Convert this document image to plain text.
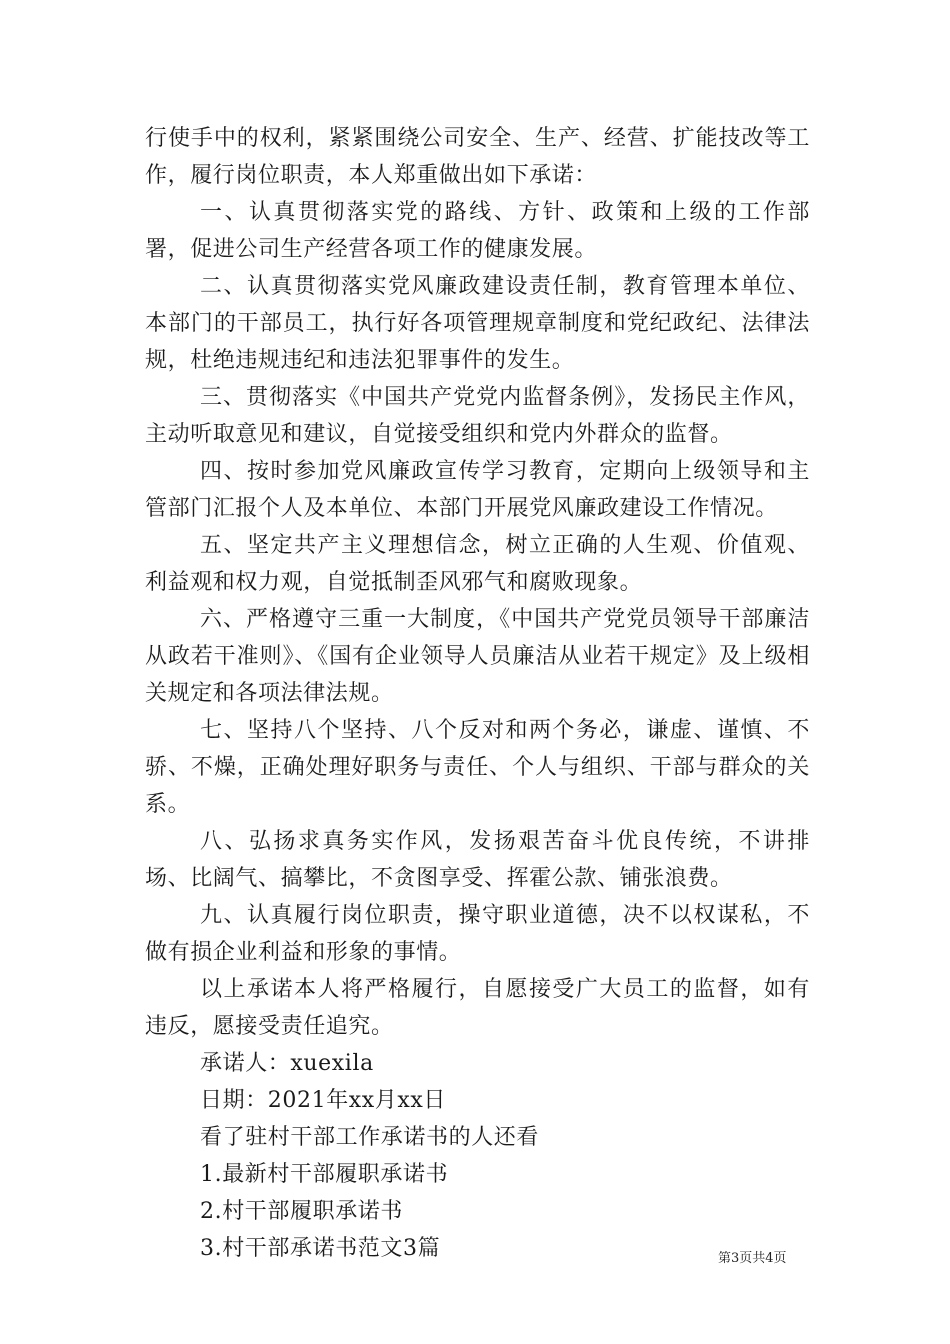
行使手中的权利，紧紧围绕公司安全、生产、经营、扩能技改等工作，履行岗位职责，本人郑重做出如下承诺：

一、认真贯彻落实党的路线、方针、政策和上级的工作部署，促进公司生产经营各项工作的健康发展。

二、认真贯彻落实党风廉政建设责任制，教育管理本单位、本部门的干部员工，执行好各项管理规章制度和党纪政纪、法律法规，杜绝违规违纪和违法犯罪事件的发生。

三、贯彻落实《中国共产党党内监督条例》，发扬民主作风，主动听取意见和建议，自觉接受组织和党内外群众的监督。

四、按时参加党风廉政宣传学习教育，定期向上级领导和主管部门汇报个人及本单位、本部门开展党风廉政建设工作情况。

五、坚定共产主义理想信念，树立正确的人生观、价值观、利益观和权力观，自觉抵制歪风邪气和腐败现象。

六、严格遵守三重一大制度，《中国共产党党员领导干部廉洁从政若干准则》、《国有企业领导人员廉洁从业若干规定》及上级相关规定和各项法律法规。

七、坚持八个坚持、八个反对和两个务必，谦虚、谨慎、不骄、不燥，正确处理好职务与责任、个人与组织、干部与群众的关系。

八、弘扬求真务实作风，发扬艰苦奋斗优良传统，不讲排场、比阔气、搞攀比，不贪图享受、挥霍公款、铺张浪费。

九、认真履行岗位职责，操守职业道德，决不以权谋私，不做有损企业利益和形象的事情。

以上承诺本人将严格履行，自愿接受广大员工的监督，如有违反，愿接受责任追究。

承诺人：xuexila

日期：2021年xx月xx日

看了驻村干部工作承诺书的人还看

1.最新村干部履职承诺书

2.村干部履职承诺书

3.村干部承诺书范文3篇	第3页共4页
